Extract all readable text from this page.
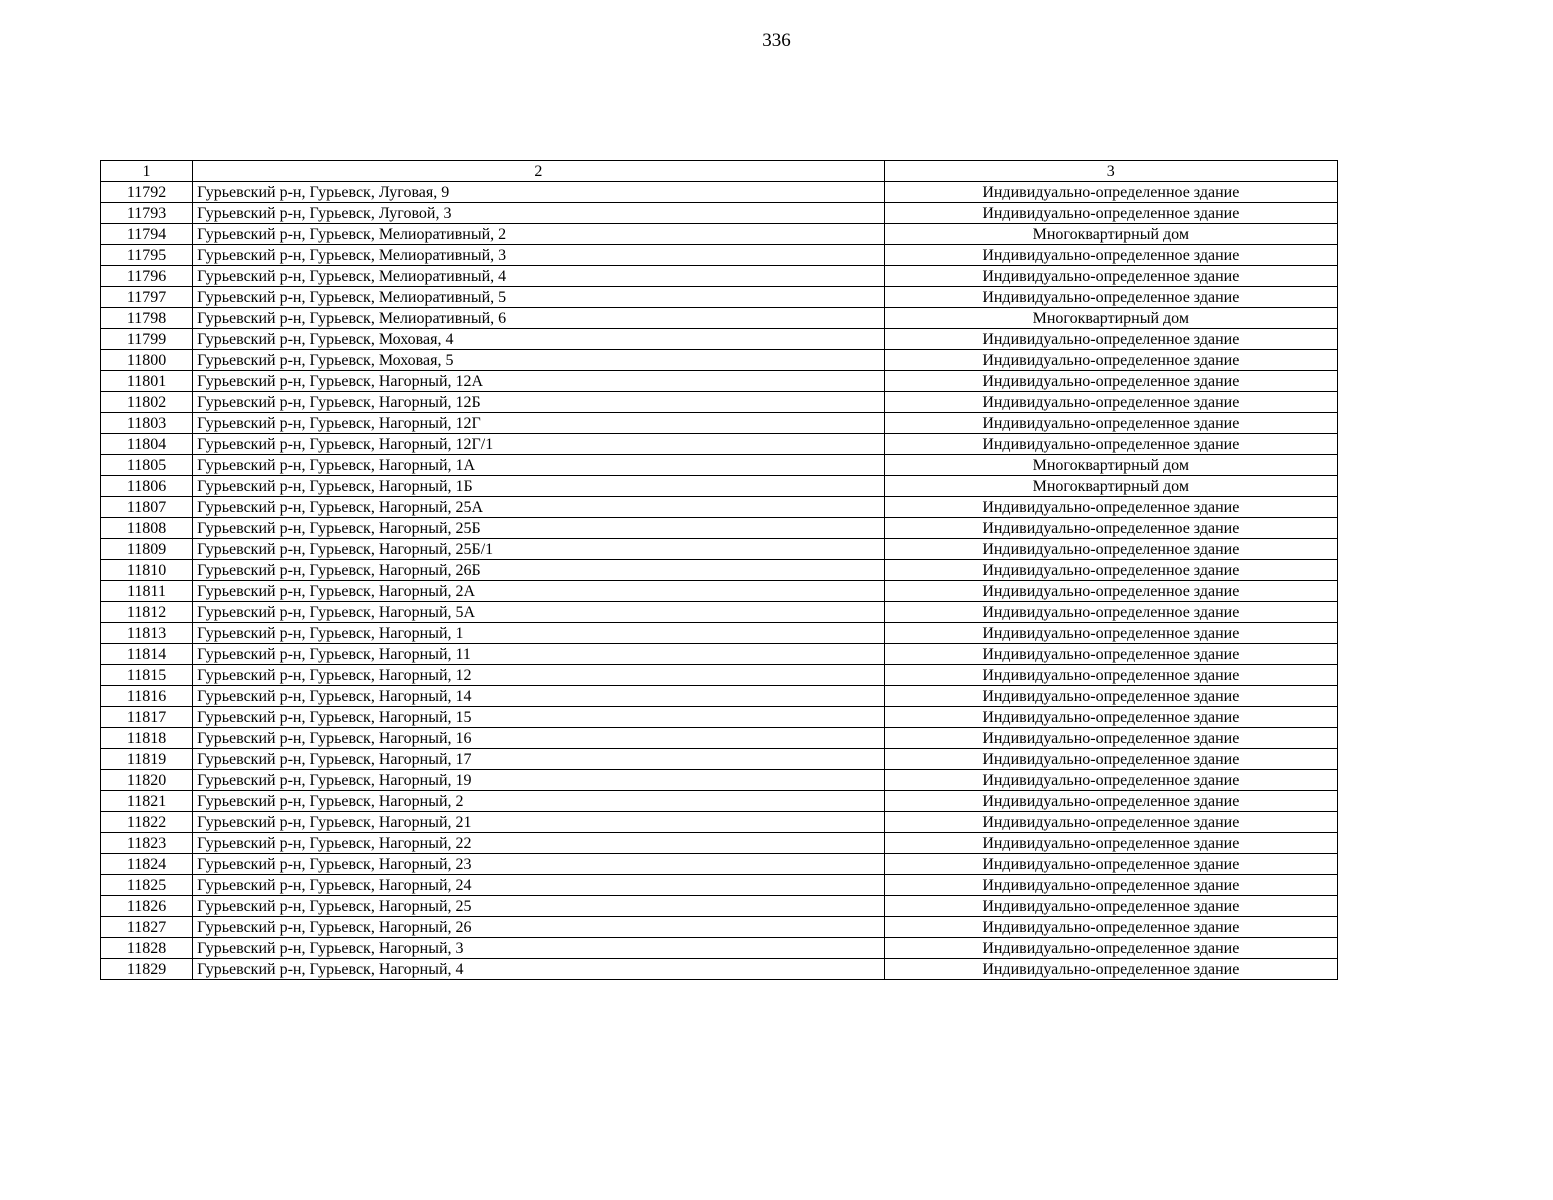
336
1	2	3
11792	Гурьевский р-н, Гурьевск, Луговая, 9	Индивидуально-определенное здание
11793	Гурьевский р-н, Гурьевск, Луговой, 3	Индивидуально-определенное здание
11794	Гурьевский р-н, Гурьевск, Мелиоративный, 2	Многоквартирный дом
11795	Гурьевский р-н, Гурьевск, Мелиоративный, 3	Индивидуально-определенное здание
11796	Гурьевский р-н, Гурьевск, Мелиоративный, 4	Индивидуально-определенное здание
11797	Гурьевский р-н, Гурьевск, Мелиоративный, 5	Индивидуально-определенное здание
11798	Гурьевский р-н, Гурьевск, Мелиоративный, 6	Многоквартирный дом
11799	Гурьевский р-н, Гурьевск, Моховая, 4	Индивидуально-определенное здание
11800	Гурьевский р-н, Гурьевск, Моховая, 5	Индивидуально-определенное здание
11801	Гурьевский р-н, Гурьевск, Нагорный, 12А	Индивидуально-определенное здание
11802	Гурьевский р-н, Гурьевск, Нагорный, 12Б	Индивидуально-определенное здание
11803	Гурьевский р-н, Гурьевск, Нагорный, 12Г	Индивидуально-определенное здание
11804	Гурьевский р-н, Гурьевск, Нагорный, 12Г/1	Индивидуально-определенное здание
11805	Гурьевский р-н, Гурьевск, Нагорный, 1А	Многоквартирный дом
11806	Гурьевский р-н, Гурьевск, Нагорный, 1Б	Многоквартирный дом
11807	Гурьевский р-н, Гурьевск, Нагорный, 25А	Индивидуально-определенное здание
11808	Гурьевский р-н, Гурьевск, Нагорный, 25Б	Индивидуально-определенное здание
11809	Гурьевский р-н, Гурьевск, Нагорный, 25Б/1	Индивидуально-определенное здание
11810	Гурьевский р-н, Гурьевск, Нагорный, 26Б	Индивидуально-определенное здание
11811	Гурьевский р-н, Гурьевск, Нагорный, 2А	Индивидуально-определенное здание
11812	Гурьевский р-н, Гурьевск, Нагорный, 5А	Индивидуально-определенное здание
11813	Гурьевский р-н, Гурьевск, Нагорный, 1	Индивидуально-определенное здание
11814	Гурьевский р-н, Гурьевск, Нагорный, 11	Индивидуально-определенное здание
11815	Гурьевский р-н, Гурьевск, Нагорный, 12	Индивидуально-определенное здание
11816	Гурьевский р-н, Гурьевск, Нагорный, 14	Индивидуально-определенное здание
11817	Гурьевский р-н, Гурьевск, Нагорный, 15	Индивидуально-определенное здание
11818	Гурьевский р-н, Гурьевск, Нагорный, 16	Индивидуально-определенное здание
11819	Гурьевский р-н, Гурьевск, Нагорный, 17	Индивидуально-определенное здание
11820	Гурьевский р-н, Гурьевск, Нагорный, 19	Индивидуально-определенное здание
11821	Гурьевский р-н, Гурьевск, Нагорный, 2	Индивидуально-определенное здание
11822	Гурьевский р-н, Гурьевск, Нагорный, 21	Индивидуально-определенное здание
11823	Гурьевский р-н, Гурьевск, Нагорный, 22	Индивидуально-определенное здание
11824	Гурьевский р-н, Гурьевск, Нагорный, 23	Индивидуально-определенное здание
11825	Гурьевский р-н, Гурьевск, Нагорный, 24	Индивидуально-определенное здание
11826	Гурьевский р-н, Гурьевск, Нагорный, 25	Индивидуально-определенное здание
11827	Гурьевский р-н, Гурьевск, Нагорный, 26	Индивидуально-определенное здание
11828	Гурьевский р-н, Гурьевск, Нагорный, 3	Индивидуально-определенное здание
11829	Гурьевский р-н, Гурьевск, Нагорный, 4	Индивидуально-определенное здание
